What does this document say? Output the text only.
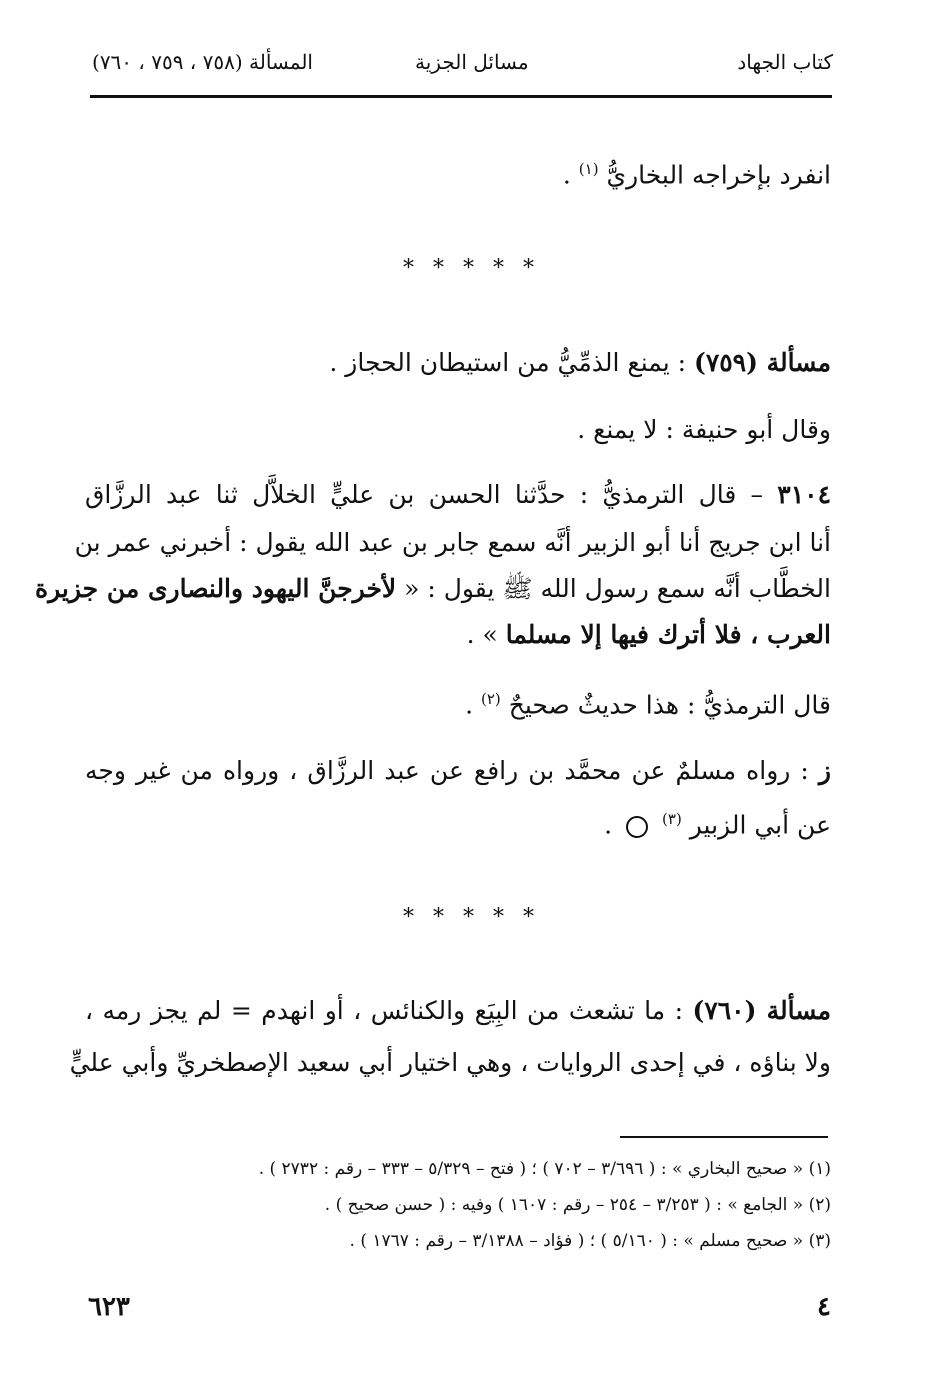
كتاب الجهاد
مسائل الجزية
المسألة (٧٥٨ ، ٧٥٩ ، ٧٦٠)
انفرد بإخراجه البخاريُّ $^{(١)}$ .
* * * * *
مسألة (٧٥٩) : يمنع الذمِّيُّ من استيطان الحجاز .
وقال أبو حنيفة : لا يمنع .
٣١٠٤ – قال الترمذيُّ : حدَّثنا الحسن بن عليٍّ الخلاَّل ثنا عبد الرزَّاق
أنا ابن جريج أنا أبو الزبير أنَّه سمع جابر بن عبد الله يقول : أخبرني عمر بن
الخطَّاب أنَّه سمع رسول الله ﷺ يقول : « لأخرجنَّ اليهود والنصارى من جزيرة
العرب ، فلا أترك فيها إلا مسلما » .
قال الترمذيُّ : هذا حديثٌ صحيحٌ $^{(٢)}$ .
ز : رواه مسلمٌ عن محمَّد بن رافع عن عبد الرزَّاق ، ورواه من غير وجه
عن أبي الزبير $^{(٣)}$  .
* * * * *
مسألة (٧٦٠) : ما تشعث من البِيَع والكنائس ، أو انهدم = لم يجز رمه ،
ولا بناؤه ، في إحدى الروايات ، وهي اختيار أبي سعيد الإصطخريِّ وأبي عليٍّ
(١) « صحيح البخاري » : ( ٣/٦٩٦ – ٧٠٢ ) ؛ ( فتح – ٥/٣٢٩ – ٣٣٣ – رقم : ٢٧٣٢ ) .
(٢) « الجامع » : ( ٣/٢٥٣ – ٢٥٤ – رقم : ١٦٠٧ ) وفيه : ( حسن صحيح ) .
(٣) « صحيح مسلم » : ( ٥/١٦٠ ) ؛ ( فؤاد – ٣/١٣٨٨ – رقم : ١٧٦٧ ) .
٤
٦٢٣
